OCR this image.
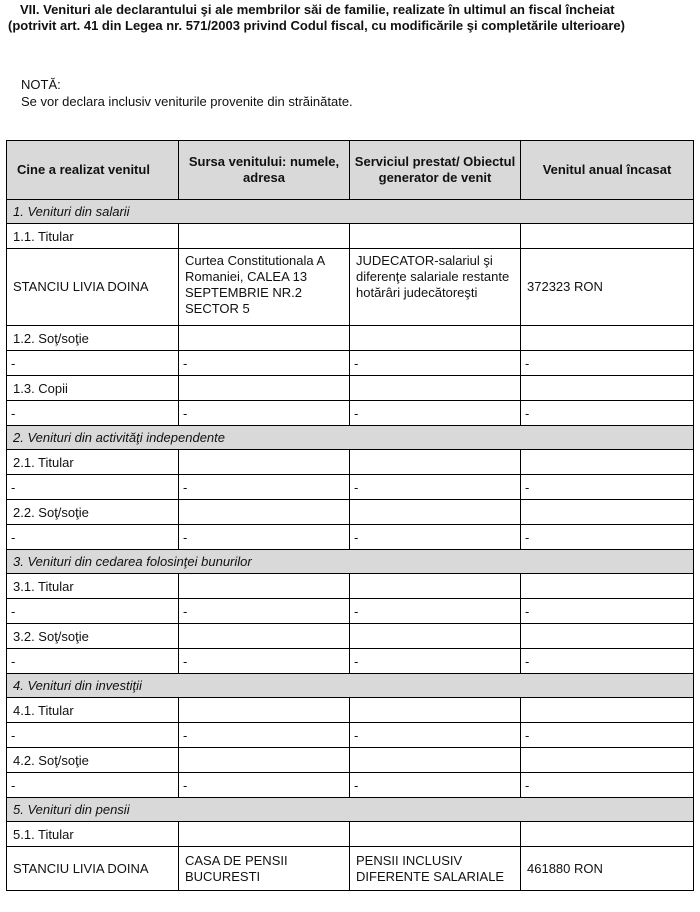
VII. Venituri ale declarantului şi ale membrilor săi de familie, realizate în ultimul an fiscal încheiat
(potrivit art. 41 din Legea nr. 571/2003 privind Codul fiscal, cu modificările şi completările ulterioare)
NOTĂ:
Se vor declara inclusiv veniturile provenite din străinătate.
Cine a realizat venitul	Sursa venitului: numele, adresa	Serviciul prestat/ Obiectul generator de venit	Venitul anual încasat
1. Venituri din salarii			
1.1. Titular			
STANCIU LIVIA DOINA	Curtea Constitutionala A Romaniei, CALEA 13 SEPTEMBRIE NR.2 SECTOR 5	JUDECATOR-salariul şi diferenţe salariale restante hotărâri judecătoreşti	372323 RON
1.2. Soţ/soţie			
-	-	-	-
1.3. Copii			
-	-	-	-
2. Venituri din activităţi independente			
2.1. Titular			
-	-	-	-
2.2. Soţ/soţie			
-	-	-	-
3. Venituri din cedarea folosinţei bunurilor			
3.1. Titular			
-	-	-	-
3.2. Soţ/soţie			
-	-	-	-
4. Venituri din investiţii			
4.1. Titular			
-	-	-	-
4.2. Soţ/soţie			
-	-	-	-
5. Venituri din pensii			
5.1. Titular			
STANCIU LIVIA DOINA	CASA DE PENSII BUCURESTI	PENSII INCLUSIV DIFERENTE SALARIALE	461880 RON
